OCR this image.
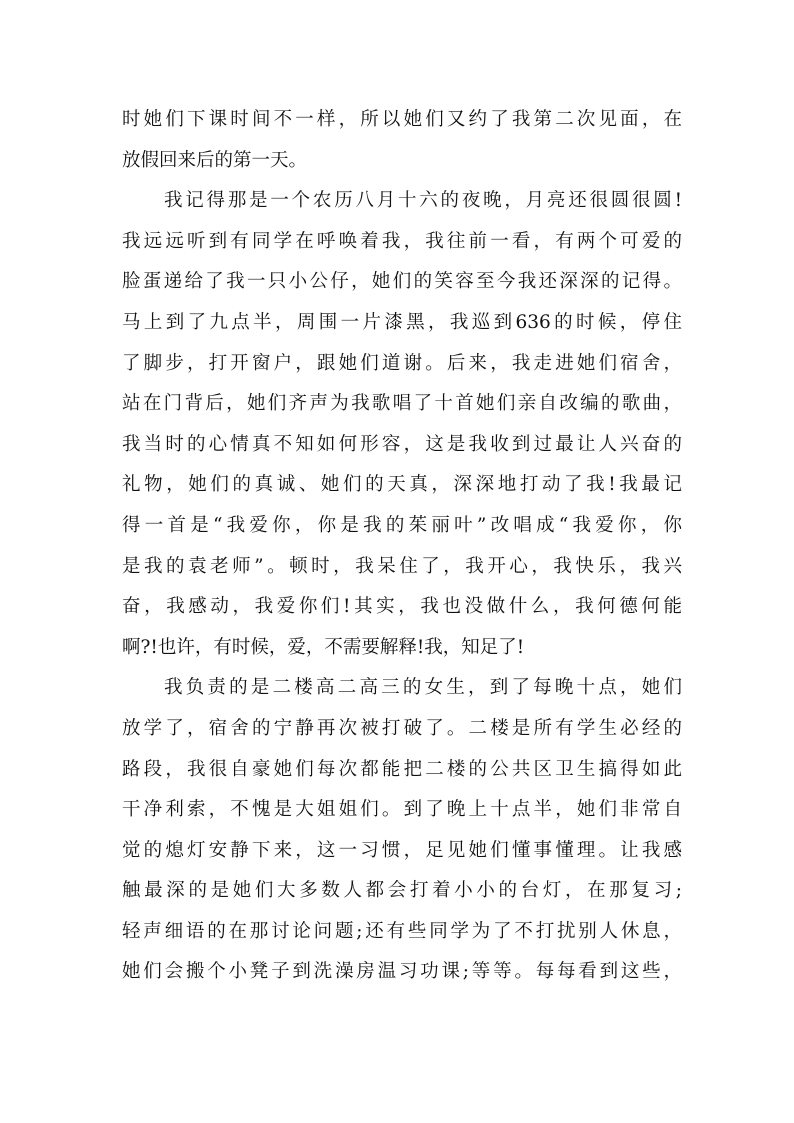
时她们下课时间不一样，所以她们又约了我第二次见面，在
放假回来后的第一天。
我记得那是一个农历八月十六的夜晚，月亮还很圆很圆!
我远远听到有同学在呼唤着我，我往前一看，有两个可爱的
脸蛋递给了我一只小公仔，她们的笑容至今我还深深的记得。
马上到了九点半，周围一片漆黑，我巡到636的时候，停住
了脚步，打开窗户，跟她们道谢。后来，我走进她们宿舍，
站在门背后，她们齐声为我歌唱了十首她们亲自改编的歌曲，
我当时的心情真不知如何形容，这是我收到过最让人兴奋的
礼物，她们的真诚、她们的天真，深深地打动了我!我最记
得一首是“我爱你，你是我的茱丽叶”改唱成“我爱你，你
是我的袁老师”。顿时，我呆住了，我开心，我快乐，我兴
奋，我感动，我爱你们!其实，我也没做什么，我何德何能
啊?!也许，有时候，爱，不需要解释!我，知足了!
我负责的是二楼高二高三的女生，到了每晚十点，她们
放学了，宿舍的宁静再次被打破了。二楼是所有学生必经的
路段，我很自豪她们每次都能把二楼的公共区卫生搞得如此
干净利索，不愧是大姐姐们。到了晚上十点半，她们非常自
觉的熄灯安静下来，这一习惯，足见她们懂事懂理。让我感
触最深的是她们大多数人都会打着小小的台灯，在那复习;
轻声细语的在那讨论问题;还有些同学为了不打扰别人休息，
她们会搬个小凳子到洗澡房温习功课;等等。每每看到这些，
